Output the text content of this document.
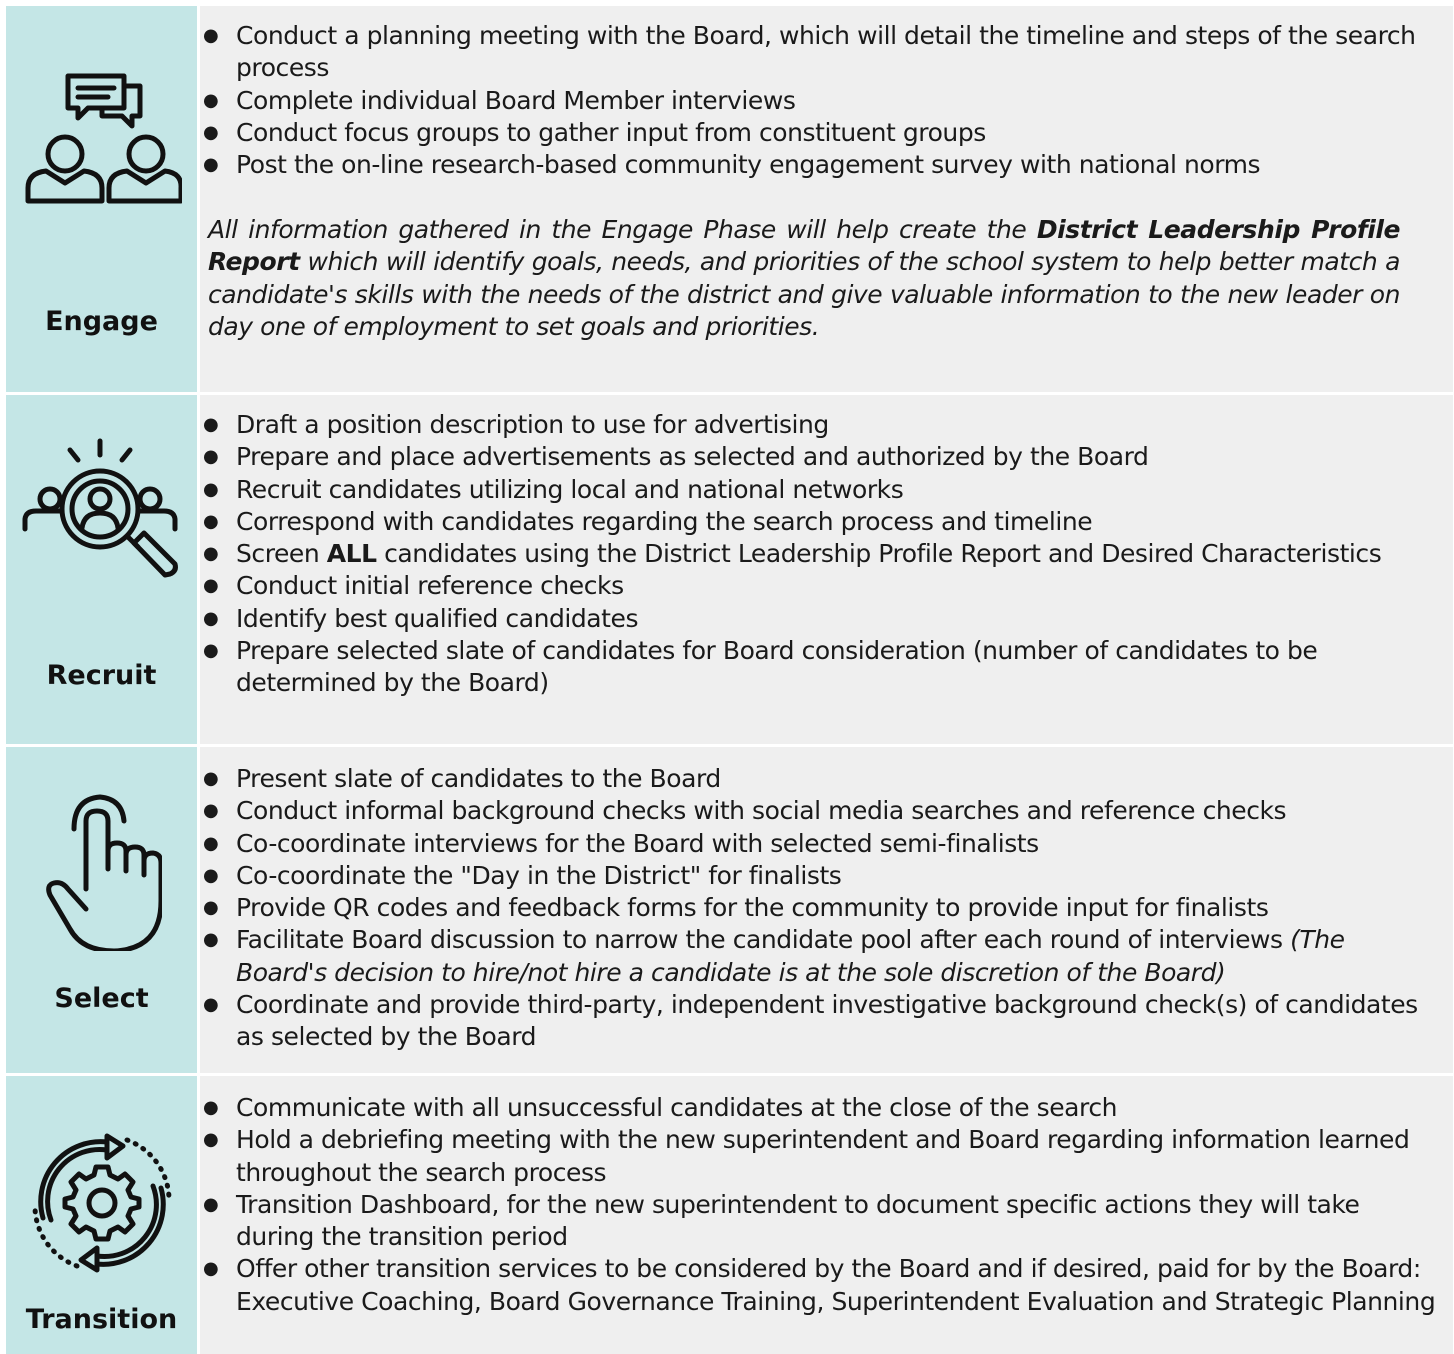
Engage
● Conduct a planning meeting with the Board, which will detail the timeline and steps of the search process
● Complete individual Board Member interviews
● Conduct focus groups to gather input from constituent groups
● Post the on-line research-based community engagement survey with national norms
All information gathered in the Engage Phase will help create the District Leadership Profile Report which will identify goals, needs, and priorities of the school system to help better match a candidate's skills with the needs of the district and give valuable information to the new leader on day one of employment to set goals and priorities.
Recruit
● Draft a position description to use for advertising
● Prepare and place advertisements as selected and authorized by the Board
● Recruit candidates utilizing local and national networks
● Correspond with candidates regarding the search process and timeline
● Screen ALL candidates using the District Leadership Profile Report and Desired Characteristics
● Conduct initial reference checks
● Identify best qualified candidates
● Prepare selected slate of candidates for Board consideration (number of candidates to be determined by the Board)
Select
● Present slate of candidates to the Board
● Conduct informal background checks with social media searches and reference checks
● Co-coordinate interviews for the Board with selected semi-finalists
● Co-coordinate the "Day in the District" for finalists
● Provide QR codes and feedback forms for the community to provide input for finalists
● Facilitate Board discussion to narrow the candidate pool after each round of interviews (The Board's decision to hire/not hire a candidate is at the sole discretion of the Board)
● Coordinate and provide third-party, independent investigative background check(s) of candidates as selected by the Board
Transition
● Communicate with all unsuccessful candidates at the close of the search
● Hold a debriefing meeting with the new superintendent and Board regarding information learned throughout the search process
● Transition Dashboard, for the new superintendent to document specific actions they will take during the transition period
● Offer other transition services to be considered by the Board and if desired, paid for by the Board: Executive Coaching, Board Governance Training, Superintendent Evaluation and Strategic Planning
